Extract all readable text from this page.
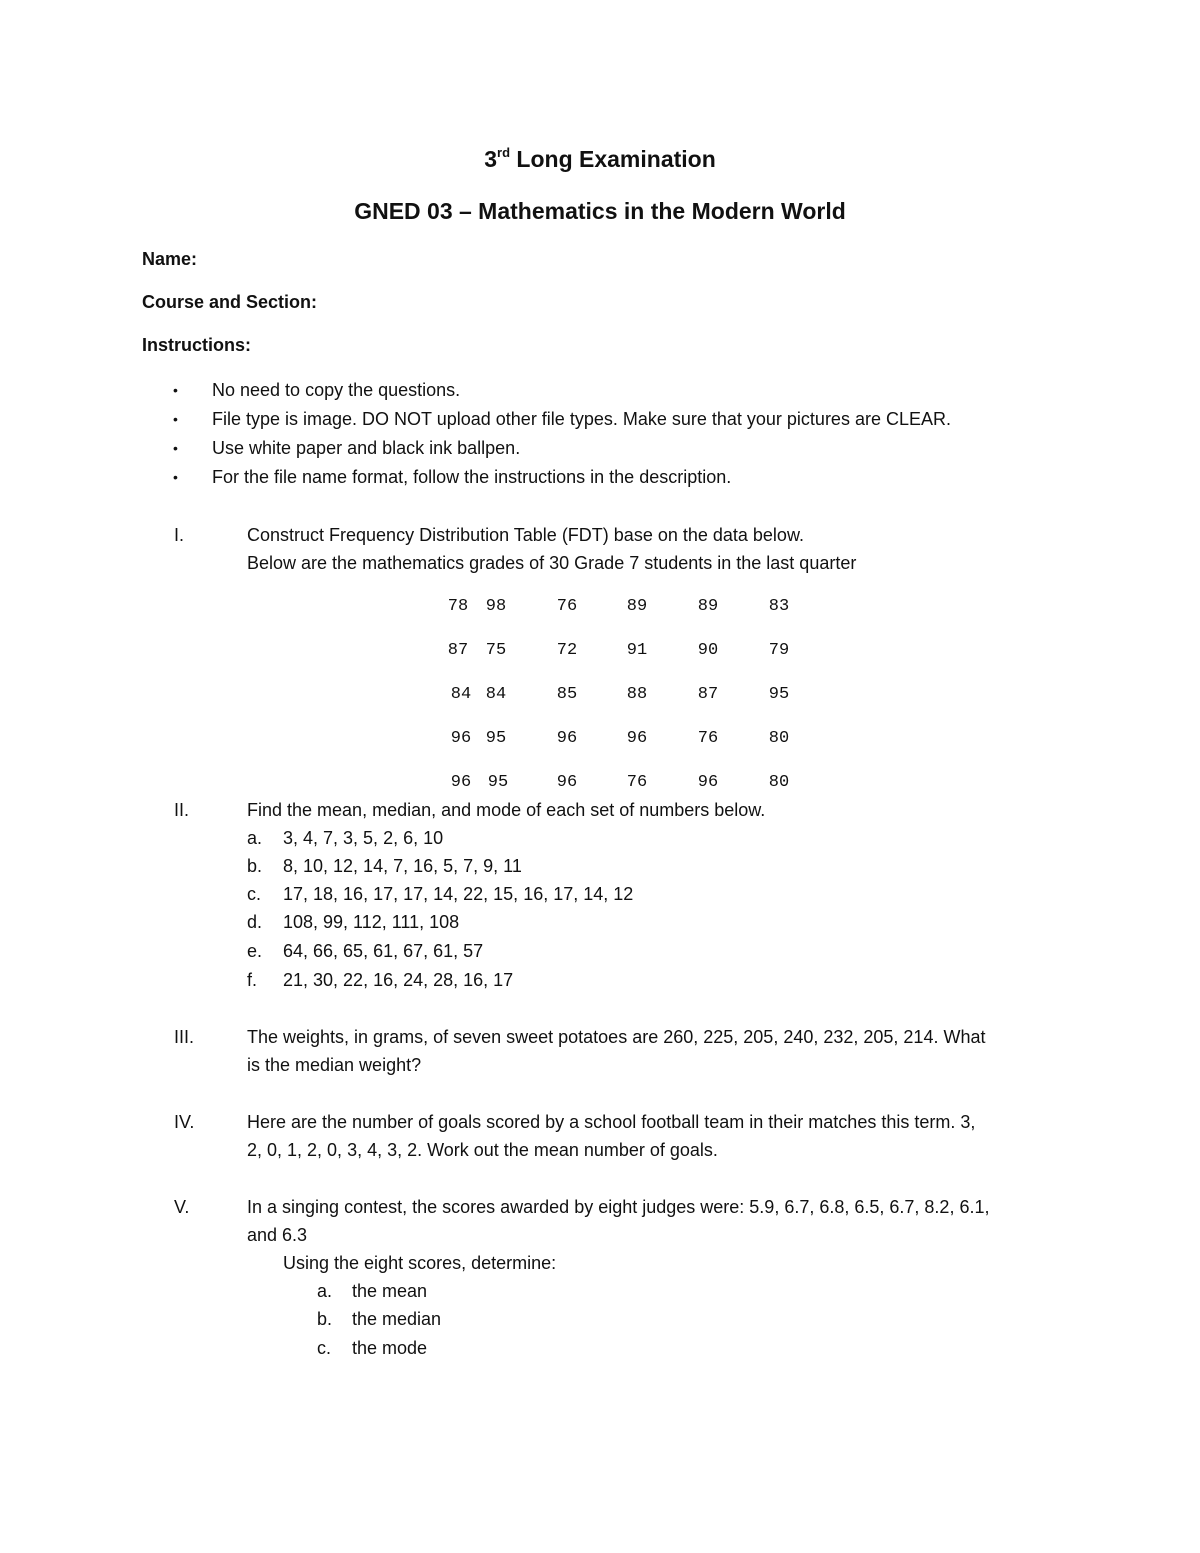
3rd Long Examination
GNED 03 – Mathematics in the Modern World
Name:
Course and Section:
Instructions:
• No need to copy the questions.
• File type is image. DO NOT upload other file types. Make sure that your pictures are CLEAR.
• Use white paper and black ink ballpen.
• For the file name format, follow the instructions in the description.
I.	Construct Frequency Distribution Table (FDT) base on the data below.
Below are the mathematics grades of 30 Grade 7 students in the last quarter
78	98	76	89	89	83
87	75	72	91	90	79
84 84	85	88	87	95
96 95	96	96	76	80
96 95	96	76	96	80
II.	Find the mean, median, and mode of each set of numbers below.
a. 3, 4, 7, 3, 5, 2, 6, 10
b. 8, 10, 12, 14, 7, 16, 5, 7, 9, 11
c. 17, 18, 16, 17, 17, 14, 22, 15, 16, 17, 14, 12
d. 108, 99, 112, 111, 108
e. 64, 66, 65, 61, 67, 61, 57
f. 21, 30, 22, 16, 24, 28, 16, 17
III.	The weights, in grams, of seven sweet potatoes are 260, 225, 205, 240, 232, 205, 214. What
is the median weight?
IV.	Here are the number of goals scored by a school football team in their matches this term. 3,
2, 0, 1, 2, 0, 3, 4, 3, 2. Work out the mean number of goals.
V.	In a singing contest, the scores awarded by eight judges were: 5.9, 6.7, 6.8, 6.5, 6.7, 8.2, 6.1,
and 6.3
Using the eight scores, determine:
a. the mean
b. the median
c. the mode
